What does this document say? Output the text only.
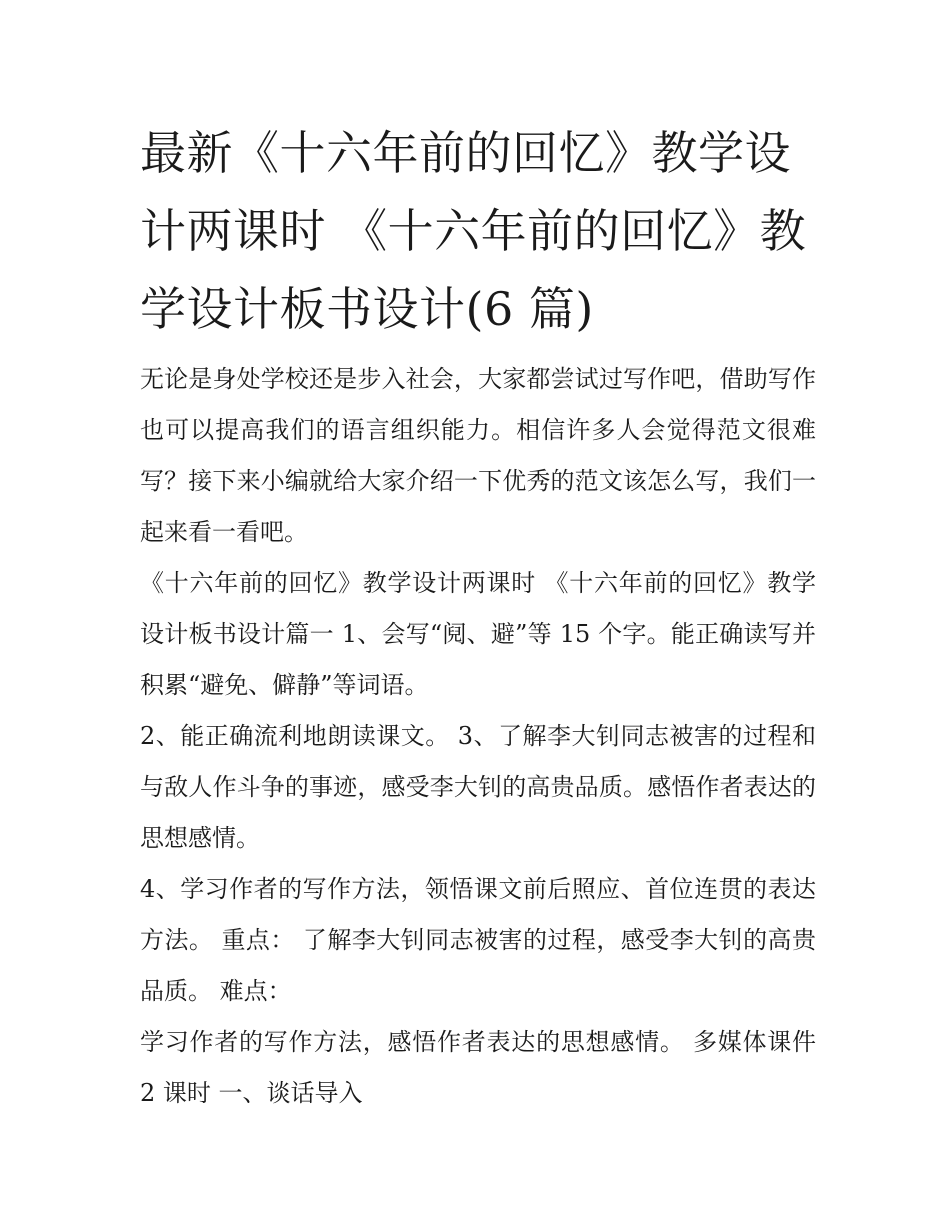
最新《十六年前的回忆》教学设计两课时 《十六年前的回忆》教学设计板书设计(6 篇)

无论是身处学校还是步入社会，大家都尝试过写作吧，借助写作也可以提高我们的语言组织能力。相信许多人会觉得范文很难写？接下来小编就给大家介绍一下优秀的范文该怎么写，我们一起来看一看吧。

《十六年前的回忆》教学设计两课时 《十六年前的回忆》教学设计板书设计篇一 1、会写“阋、避”等 15 个字。能正确读写并积累“避免、僻静”等词语。

2、能正确流利地朗读课文。 3、了解李大钊同志被害的过程和与敌人作斗争的事迹，感受李大钊的高贵品质。感悟作者表达的思想感情。

4、学习作者的写作方法，领悟课文前后照应、首位连贯的表达方法。 重点： 了解李大钊同志被害的过程，感受李大钊的高贵品质。 难点：

学习作者的写作方法，感悟作者表达的思想感情。 多媒体课件 2 课时 一、谈话导入
